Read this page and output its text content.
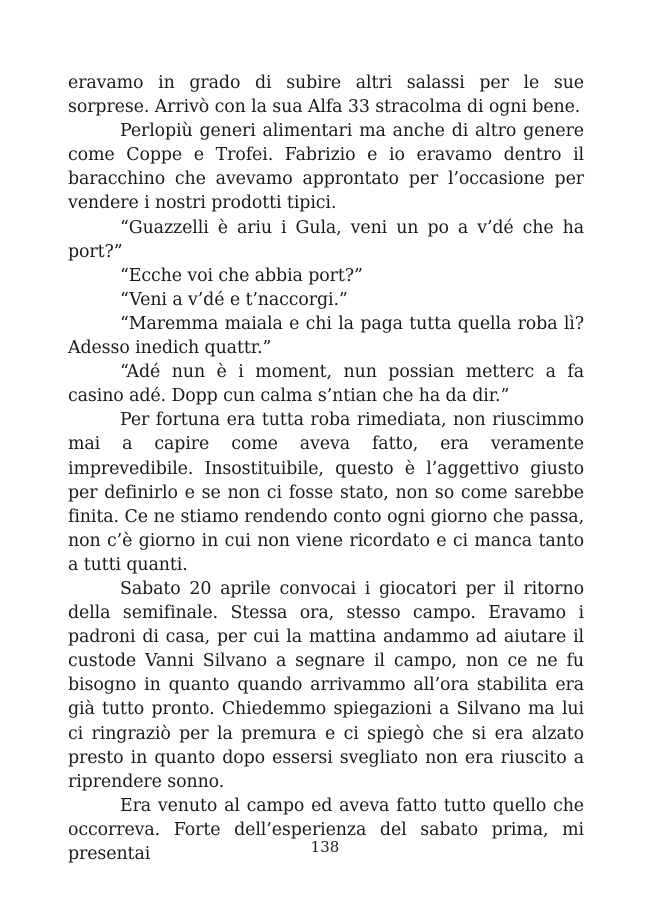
eravamo in grado di subire altri salassi per le sue sorprese. Arrivò con la sua Alfa 33 stracolma di ogni bene.

Perlopiù generi alimentari ma anche di altro genere come Coppe e Trofei. Fabrizio e io eravamo dentro il baracchino che avevamo approntato per l’occasione per vendere i nostri prodotti tipici.

“Guazzelli è ariu i Gula, veni un po a v’dé che ha port?”

“Ecche voi che abbia port?”

“Veni a v’dé e t’naccorgi.”

“Maremma maiala e chi la paga tutta quella roba lì? Adesso inedich quattr.”

“Adé nun è i moment, nun possian metterc a fa casino adé. Dopp cun calma s’ntian che ha da dir.”

Per fortuna era tutta roba rimediata, non riuscimmo mai a capire come aveva fatto, era veramente imprevedibile. Insostituibile, questo è l’aggettivo giusto per definirlo e se non ci fosse stato, non so come sarebbe finita. Ce ne stiamo rendendo conto ogni giorno che passa, non c’è giorno in cui non viene ricordato e ci manca tanto a tutti quanti.

Sabato 20 aprile convocai i giocatori per il ritorno della semifinale. Stessa ora, stesso campo. Eravamo i padroni di casa, per cui la mattina andammo ad aiutare il custode Vanni Silvano a segnare il campo, non ce ne fu bisogno in quanto quando arrivammo all’ora stabilita era già tutto pronto. Chiedemmo spiegazioni a Silvano ma lui ci ringraziò per la premura e ci spiegò che si era alzato presto in quanto dopo essersi svegliato non era riuscito a riprendere sonno.

Era venuto al campo ed aveva fatto tutto quello che occorreva. Forte dell’esperienza del sabato prima, mi presentai	138
